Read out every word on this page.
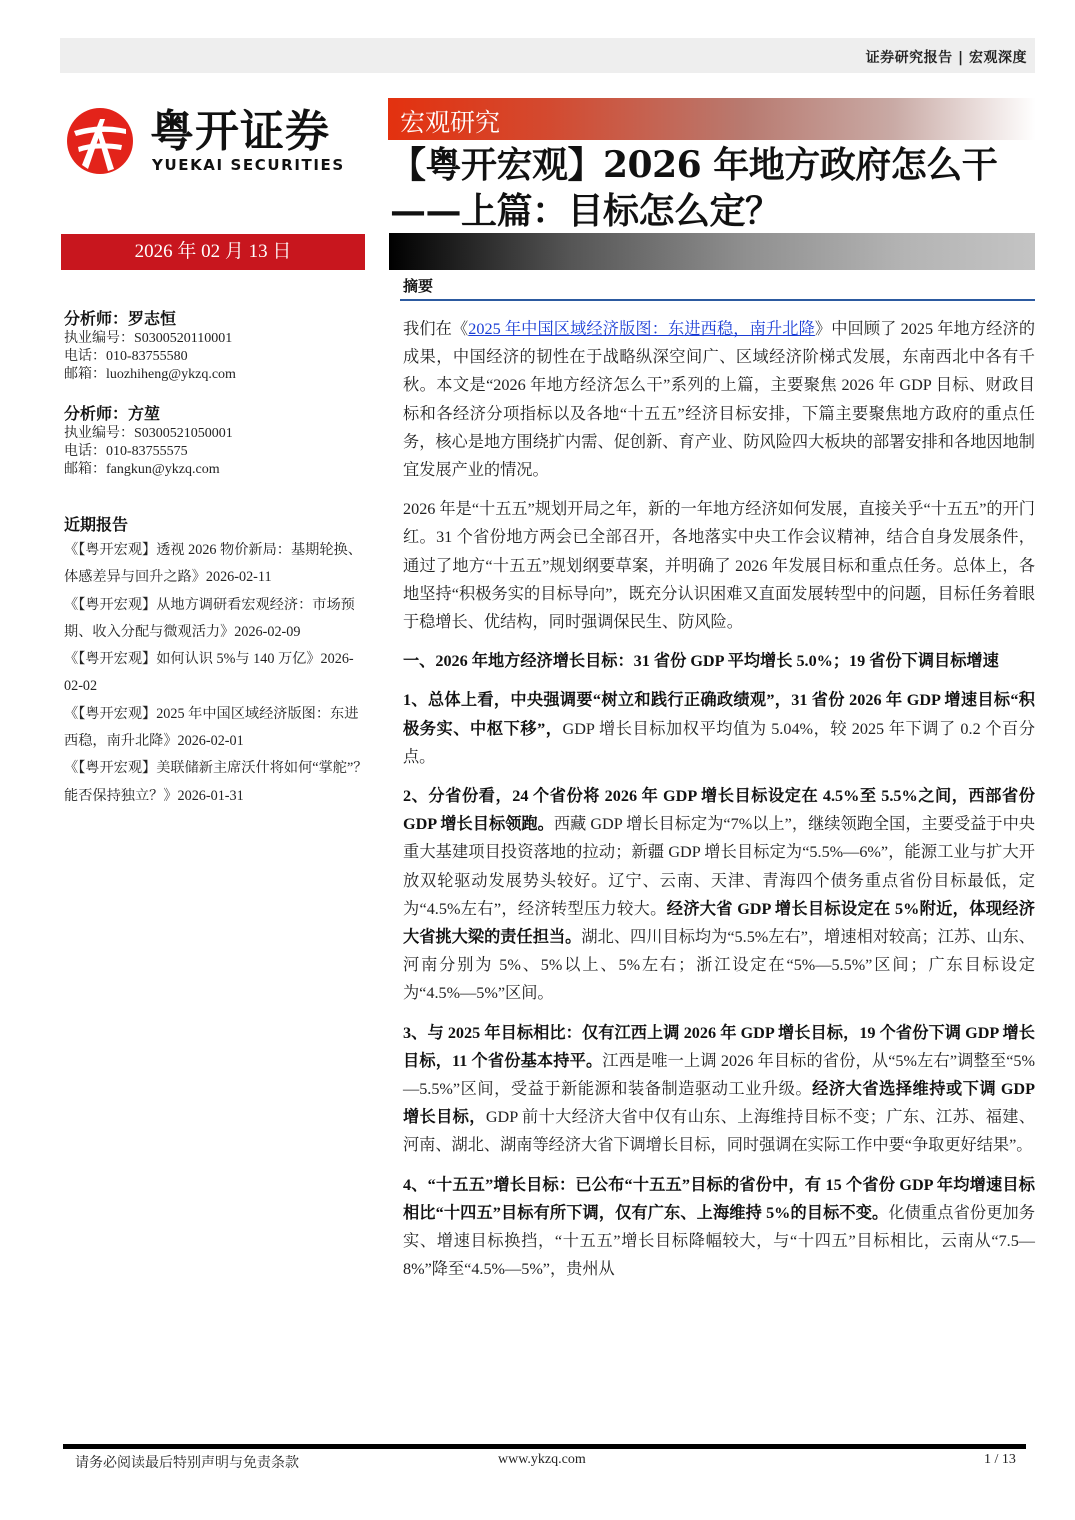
证券研究报告 | 宏观深度
粤开证券
YUEKAI SECURITIES
宏观研究
【粤开宏观】2026 年地方政府怎么干
——上篇：目标怎么定？
2026 年 02 月 13 日
摘要
分析师：罗志恒
执业编号：S0300520110001
电话：010-83755580
邮箱：luozhiheng@ykzq.com
分析师：方堃
执业编号：S0300521050001
电话：010-83755575
邮箱：fangkun@ykzq.com
近期报告
《【粤开宏观】透视 2026 物价新局：基期轮换、体感差异与回升之路》2026-02-11
《【粤开宏观】从地方调研看宏观经济：市场预期、收入分配与微观活力》2026-02-09
《【粤开宏观】如何认识 5%与 140 万亿》2026-02-02
《【粤开宏观】2025 年中国区域经济版图：东进西稳，南升北降》2026-02-01
《【粤开宏观】美联储新主席沃什将如何“掌舵”？能否保持独立？》2026-01-31

我们在《2025 年中国区域经济版图：东进西稳，南升北降》中回顾了 2025 年地方经济的成果，中国经济的韧性在于战略纵深空间广、区域经济阶梯式发展，东南西北中各有千秋。本文是“2026 年地方经济怎么干”系列的上篇，主要聚焦 2026 年 GDP 目标、财政目标和各经济分项指标以及各地“十五五”经济目标安排，下篇主要聚焦地方政府的重点任务，核心是地方围绕扩内需、促创新、育产业、防风险四大板块的部署安排和各地因地制宜发展产业的情况。

2026 年是“十五五”规划开局之年，新的一年地方经济如何发展，直接关乎“十五五”的开门红。31 个省份地方两会已全部召开，各地落实中央工作会议精神，结合自身发展条件，通过了地方“十五五”规划纲要草案，并明确了 2026 年发展目标和重点任务。总体上，各地坚持“积极务实的目标导向”，既充分认识困难又直面发展转型中的问题，目标任务着眼于稳增长、优结构，同时强调保民生、防风险。

一、2026 年地方经济增长目标：31 省份 GDP 平均增长 5.0%；19 省份下调目标增速

1、总体上看，中央强调要“树立和践行正确政绩观”，31 省份 2026 年 GDP 增速目标“积极务实、中枢下移”，GDP 增长目标加权平均值为 5.04%，较 2025 年下调了 0.2 个百分点。

2、分省份看，24 个省份将 2026 年 GDP 增长目标设定在 4.5%至 5.5%之间，西部省份 GDP 增长目标领跑。西藏 GDP 增长目标定为“7%以上”，继续领跑全国，主要受益于中央重大基建项目投资落地的拉动；新疆 GDP 增长目标定为“5.5%—6%”，能源工业与扩大开放双轮驱动发展势头较好。辽宁、云南、天津、青海四个债务重点省份目标最低，定为“4.5%左右”，经济转型压力较大。经济大省 GDP 增长目标设定在 5%附近，体现经济大省挑大梁的责任担当。湖北、四川目标均为“5.5%左右”，增速相对较高；江苏、山东、河南分别为 5%、5%以上、5%左右；浙江设定在“5%—5.5%”区间；广东目标设定为“4.5%—5%”区间。

3、与 2025 年目标相比：仅有江西上调 2026 年 GDP 增长目标，19 个省份下调 GDP 增长目标，11 个省份基本持平。江西是唯一上调 2026 年目标的省份，从“5%左右”调整至“5%—5.5%”区间，受益于新能源和装备制造驱动工业升级。经济大省选择维持或下调 GDP 增长目标，GDP 前十大经济大省中仅有山东、上海维持目标不变；广东、江苏、福建、河南、湖北、湖南等经济大省下调增长目标，同时强调在实际工作中要“争取更好结果”。

4、“十五五”增长目标：已公布“十五五”目标的省份中，有 15 个省份 GDP 年均增速目标相比“十四五”目标有所下调，仅有广东、上海维持 5%的目标不变。化债重点省份更加务实、增速目标换挡，“十五五”增长目标降幅较大，与“十四五”目标相比，云南从“7.5—8%”降至“4.5%—5%”，贵州从

请务必阅读最后特别声明与免责条款	www.ykzq.com	1 / 13
